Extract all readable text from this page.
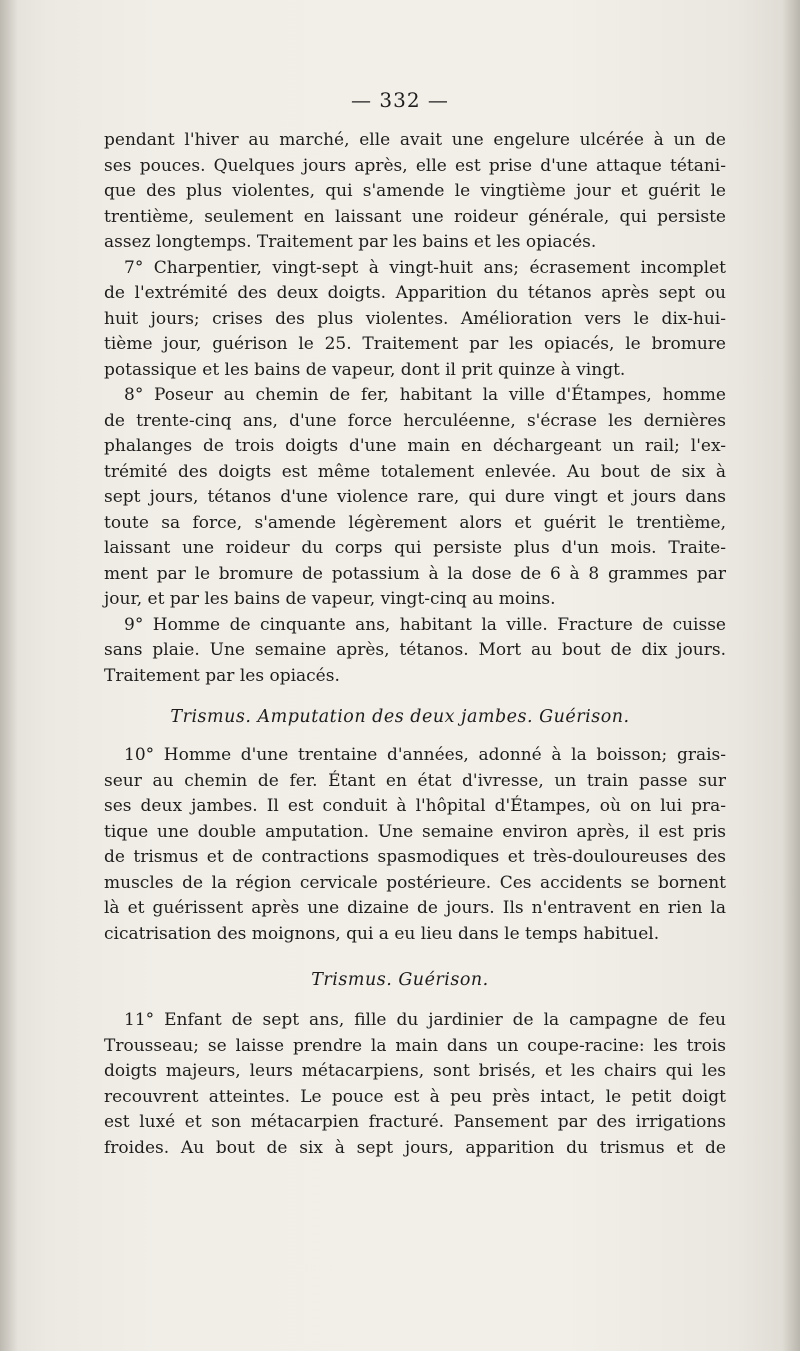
— 332 —
pendant l'hiver au marché, elle avait une engelure ulcérée à un de
ses pouces. Quelques jours après, elle est prise d'une attaque tétani-
que des plus violentes, qui s'amende le vingtième jour et guérit le
trentième, seulement en laissant une roideur générale, qui persiste
assez longtemps. Traitement par les bains et les opiacés.
7° Charpentier, vingt-sept à vingt-huit ans; écrasement incomplet
de l'extrémité des deux doigts. Apparition du tétanos après sept ou
huit jours; crises des plus violentes. Amélioration vers le dix-hui-
tième jour, guérison le 25. Traitement par les opiacés, le bromure
potassique et les bains de vapeur, dont il prit quinze à vingt.
8° Poseur au chemin de fer, habitant la ville d'Étampes, homme
de trente-cinq ans, d'une force herculéenne, s'écrase les dernières
phalanges de trois doigts d'une main en déchargeant un rail; l'ex-
trémité des doigts est même totalement enlevée. Au bout de six à
sept jours, tétanos d'une violence rare, qui dure vingt et jours dans
toute sa force, s'amende légèrement alors et guérit le trentième,
laissant une roideur du corps qui persiste plus d'un mois. Traite-
ment par le bromure de potassium à la dose de 6 à 8 grammes par
jour, et par les bains de vapeur, vingt-cinq au moins.
9° Homme de cinquante ans, habitant la ville. Fracture de cuisse
sans plaie. Une semaine après, tétanos. Mort au bout de dix jours.
Traitement par les opiacés.
Trismus. Amputation des deux jambes. Guérison.
10° Homme d'une trentaine d'années, adonné à la boisson; grais-
seur au chemin de fer. Étant en état d'ivresse, un train passe sur
ses deux jambes. Il est conduit à l'hôpital d'Étampes, où on lui pra-
tique une double amputation. Une semaine environ après, il est pris
de trismus et de contractions spasmodiques et très-douloureuses des
muscles de la région cervicale postérieure. Ces accidents se bornent
là et guérissent après une dizaine de jours. Ils n'entravent en rien la
cicatrisation des moignons, qui a eu lieu dans le temps habituel.
Trismus. Guérison.
11° Enfant de sept ans, fille du jardinier de la campagne de feu
Trousseau; se laisse prendre la main dans un coupe-racine: les trois
doigts majeurs, leurs métacarpiens, sont brisés, et les chairs qui les
recouvrent atteintes. Le pouce est à peu près intact, le petit doigt
est luxé et son métacarpien fracturé. Pansement par des irrigations
froides. Au bout de six à sept jours, apparition du trismus et de
